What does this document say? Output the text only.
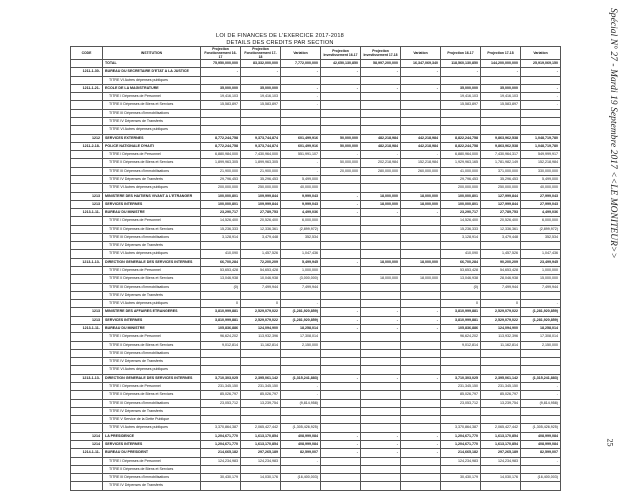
LOI DE FINANCES DE L'EXERCICE 2017-2018
DETAILS DES CREDITS PAR SECTION
CODE	INSTITUTION	Projection Fonctionnement 16-17	Projection Fonctionnement 17-18	Variation	Projection Investissement 16-17	Projection Investissement 17-18	Variation	Projection 16-17	Projection 17-18	Variation
	TOTAL	75,950,000,000	83,332,000,000	7,772,000,000	42,650,130,850	58,997,200,000	16,347,069,340	118,560,130,850	144,200,000,000	25,919,069,150
1211-1-30-	BUREAU DU SECRETAIRE D'ETAT A LA JUSTICE	-	-	-	-	-	-	-	-	-
	TITRE VI Autres dépenses publiques									
1211-1-21-	ECOLE DE LA MAGISTRATURE	35,000,000	35,000,000	-	-	-	-	35,000,000	35,000,000	-
	TITRE I Dépenses de Personnel	19,416,103	19,416,103	-				19,416,103	19,416,103	-
	TITRE II Dépenses de Biens et Services	15,583,897	15,583,897	-				15,583,897	15,583,897	-
	TITRE III Dépenses d'Immobilisations									
	TITRE IV Dépenses de Transferts									
	TITRE VI Autres dépenses publiques									
1212	SERVICES EXTERNES	8,772,244,758	9,373,744,874	601,499,916	50,000,000	482,218,984	442,218,984	8,822,244,758	9,863,962,538	1,048,719,780
1211-2-18-	POLICE NATIONALE D'HAITI	8,772,244,758	9,373,744,874	601,499,916	50,000,000	482,218,984	442,218,984	8,822,244,758	9,863,962,538	1,048,719,780
	TITRE I Dépenses de Personnel	6,880,984,000	7,430,964,000	551,991,107	-	-	-	6,880,964,000	7,430,964,317	549,999,917
	TITRE II Dépenses de Biens et Services	1,899,963,305	1,899,963,305	-	50,000,000	202,218,984	152,218,984	1,929,963,165	1,781,982,149	152,218,984
	TITRE III Dépenses d'Immobilisations	21,900,000	21,900,000	-	20,000,000	280,000,000	260,000,000	41,000,000	371,000,000	330,000,000
	TITRE IV Dépenses de Transferts	29,796,453	35,296,453	5,499,000				29,796,453	35,296,453	5,499,000
	TITRE VI Autres dépenses publiques	200,000,000	250,000,000	40,000,000				200,000,000	250,000,000	40,000,000
1213	MINISTERE DES HAITIENS VIVANT A L'ETRANGER	100,000,801	109,999,844	9,999,043	-	18,000,000	18,000,000	100,000,801	127,999,844	27,999,043
1213	SERVICES INTERNES	100,000,801	109,999,844	9,999,043	-	18,000,000	18,000,000	100,000,801	127,999,844	27,999,043
1213-1-11-	BUREAU DU MINISTRE	23,290,717	27,789,753	4,499,036	-	-	-	23,290,717	27,789,753	4,499,036
	TITRE I Dépenses de Personnel	14,526,400	20,526,400	6,000,000				14,526,400	20,526,400	6,000,000
	TITRE II Dépenses de Biens et Services	15,236,333	12,336,361	(2,899,972)				15,236,333	12,336,361	(2,899,972)
	TITRE III Dépenses d'Immobilisations	3,128,914	3,479,448	352,534				3,128,914	3,479,448	352,534
	TITRE IV Dépenses de Transferts									
	TITRE VI Autres dépenses publiques	410,090	1,457,526	1,047,436				410,090	1,457,526	1,047,436
1213-1-13-	DIRECTION GENERALE DES SERVICES INTERNES	66,700,284	72,200,209	5,499,945	-	18,000,000	18,000,000	66,700,284	90,200,209	23,499,945
	TITRE I Dépenses de Personnel	53,653,428	54,653,428	1,000,000				53,653,428	54,653,428	1,000,000
	TITRE II Dépenses de Biens et Services	13,046,938	10,046,938	(3,000,000)		18,000,000	18,000,000	13,046,938	28,046,938	15,000,000
	TITRE III Dépenses d'Immobilisations	(0)	7,499,944	7,499,944				(0)	7,499,944	7,499,944
	TITRE IV Dépenses de Transferts									
	TITRE VI Autres dépenses publiques	0	0	-				0	0	-
1213	MINISTERE DES AFFAIRES ETRANGERES	3,810,999,881	2,529,079,022	(1,281,920,859)	-	-	-	3,810,999,881	2,529,079,022	(1,281,920,859)
1213	SERVICES INTERNES	3,810,999,881	2,529,079,022	(1,281,920,859)	-	-	-	3,810,999,881	2,529,079,022	(1,281,920,859)
1213-1-11-	BUREAU DU MINISTRE	105,836,886	124,094,900	18,258,014	-	-	-	105,836,886	124,094,900	18,258,014
	TITRE I Dépenses de Personnel	96,624,202	113,932,396	17,308,014				96,624,202	113,932,396	17,308,014
	TITRE II Dépenses de Biens et Services	9,012,814	11,162,814	2,150,000				9,012,814	11,162,814	2,150,000
	TITRE III Dépenses d'Immobilisations									
	TITRE IV Dépenses de Transferts									
	TITRE VI Autres dépenses publiques									
1213-1-13-	DIRECTION GENERALE DES SERVICES INTERNES	3,710,303,025	2,395,061,142	(1,315,241,883)	-	-	-	3,710,303,025	2,395,061,142	(1,315,241,883)
	TITRE I Dépenses de Personnel	231,345,150	231,345,150	-				231,345,150	231,345,150	-
	TITRE II Dépenses de Biens et Services	85,026,797	85,026,797	-				85,026,797	85,026,797	-
	TITRE III Dépenses d'Immobilisations	23,053,712	13,239,754	(9,814,958)				23,053,712	13,239,754	(9,814,958)
	TITRE IV Dépenses de Transferts									
	TITRE V Service de la Dette Publique									
	TITRE VI Autres dépenses publiques	3,370,864,387	2,065,427,442	(1,305,426,925)				3,370,864,387	2,065,427,442	(1,305,426,925)
1214	LA PRESIDENCE	1,204,671,770	1,613,170,854	408,999,084	-	-	-	1,204,671,770	1,613,170,854	408,999,084
1214	SERVICES INTERNES	1,204,671,770	1,613,170,854	408,999,084	-	-	-	1,204,671,770	1,613,170,854	408,999,084
1214-1-11-	BUREAU DU PRESIDENT	214,665,182	297,265,189	82,599,007	-	-	-	214,665,182	297,265,189	82,599,007
	TITRE I Dépenses de Personnel	124,234,983	124,234,983	-				124,234,983	124,234,983	-
	TITRE II Dépenses de Biens et Services									
	TITRE III Dépenses d'Immobilisations	30,430,179	14,030,176	(16,400,003)				30,430,179	14,030,176	(16,400,003)
	TITRE IV Dépenses de Transferts									
Spécial N° 27 - Mardi 19 Septembre 2017 <<LE MONITEUR>>
25
